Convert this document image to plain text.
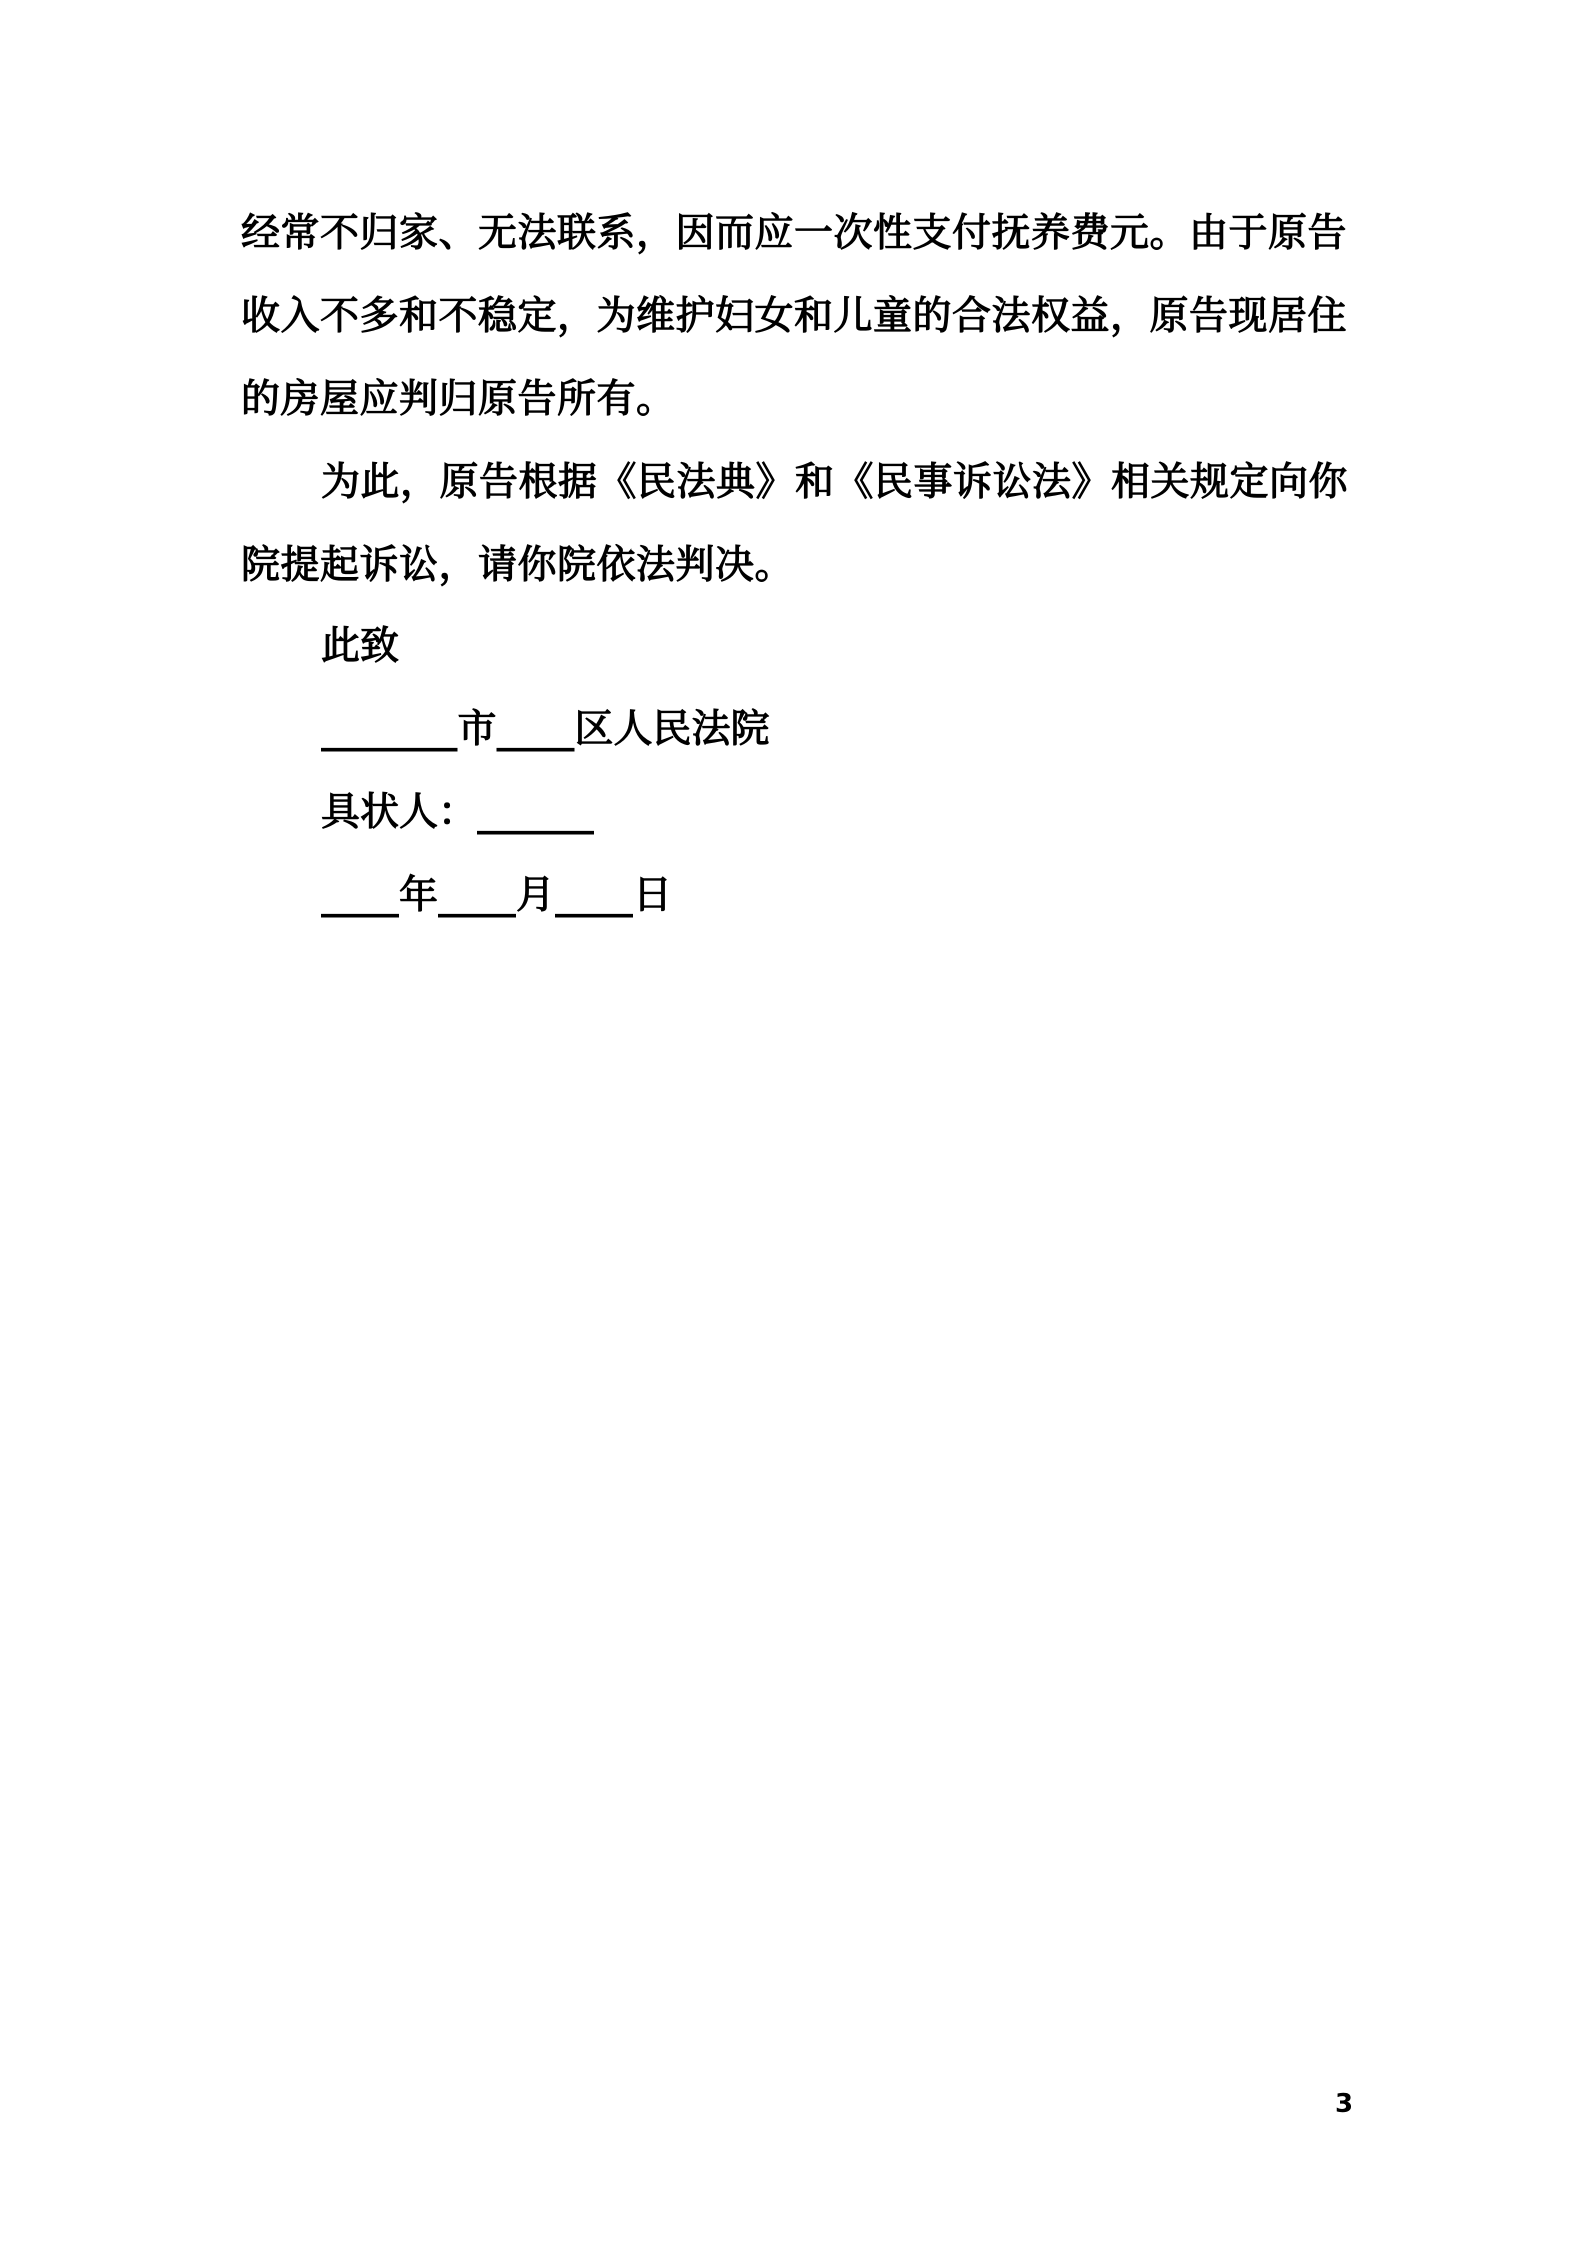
经常不归家、无法联系，因而应一次性支付抚养费元。由于原告
收入不多和不稳定，为维护妇女和儿童的合法权益，原告现居住
的房屋应判归原告所有。
为此，原告根据《民法典》和《民事诉讼法》相关规定向你
院提起诉讼，请你院依法判决。
此致
_______市____区人民法院
具状人：______
____年____月____日
3
